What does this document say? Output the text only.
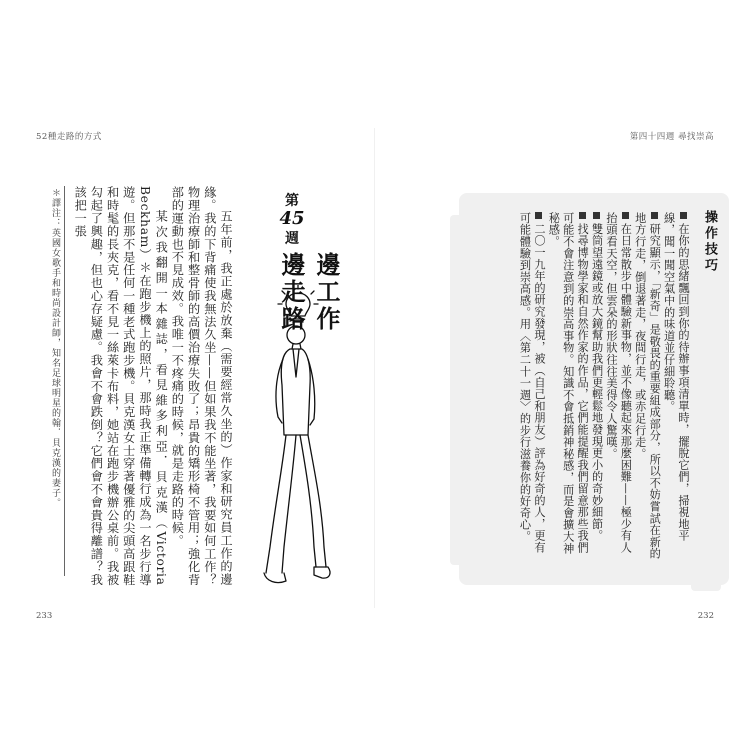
52種走路的方式
＊譯注：英國女歌手和時尚設計師，知名足球明星的翰．貝克漢的妻子。	五年前，我正處於放棄（需要經常久坐的）作家和研究員工作的邊緣。我的下背痛使我無法久坐——但如果我不能坐著，我要如何工作？物理治療師和整骨師的高價治療失敗了；昂貴的矯形椅不管用；強化背部的運動也不見成效。我唯一不疼痛的時候，就是走路的時候。

某次我翻開一本雜誌，看見維多利亞．貝克漢（Victoria Beckham）＊在跑步機上的照片，那時我正準備轉行成為一名步行導遊。但那不是任何一種老式跑步機。貝克漢女士穿著優雅的尖頭高跟鞋和時髦的長夾克，看不見一絲萊卡布料，她站在跑步機辦公桌前。我被勾起了興趣，但也心存疑慮。我會不會跌倒？它們會不會貴得離譜？我該把一張	第
45
週
邊工作邊走路
233
第四十四週 尋找崇高
操作技巧
在你的思緒飄回到你的待辦事項清單時，擺脫它們，掃視地平線，聞一聞空氣中的味道並仔細聆聽。
研究顯示，「新奇」是敬畏的重要組成部分，所以不妨嘗試在新的地方行走，倒退著走，夜間行走，或赤足行走。
在日常散步中體驗新事物，並不像聽起來那麼困難——極少有人抬頭看天空，但雲朵的形狀往往美得令人驚嘆。
雙筒望遠鏡或放大鏡幫助我們更輕鬆地發現更小的奇妙細節。
找尋博物學家和自然作家的作品，它們能提醒我們留意那些我們可能不會注意到的崇高事物。知識不會抵銷神秘感，而是會擴大神秘感。
二〇一九年的研究發現，被（自己和朋友）評為好奇的人，更有可能體驗到崇高感。用〈第二十一週〉的步行滋養你的好奇心。
232
